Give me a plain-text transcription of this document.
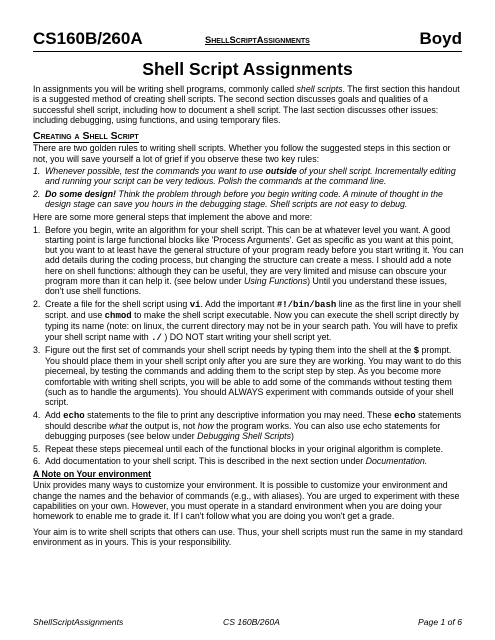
CS160B/260A	ShellScriptAssignments	Boyd
Shell Script Assignments

In assignments you will be writing shell programs, commonly called shell scripts. The first section this handout is a suggested method of creating shell scripts. The second section discusses goals and qualities of a successful shell script, including how to document a shell script. The last section discusses other issues: including debugging, using functions, and using temporary files.

Creating a Shell Script

There are two golden rules to writing shell scripts. Whether you follow the suggested steps in this section or not, you will save yourself a lot of grief if you observe these two key rules:

1. Whenever possible, test the commands you want to use outside of your shell script. Incrementally editing and running your script can be very tedious. Polish the commands at the command line.
2. Do some design! Think the problem through before you begin writing code. A minute of thought in the design stage can save you hours in the debugging stage. Shell scripts are not easy to debug.

Here are some more general steps that implement the above and more:

1. Before you begin, write an algorithm for your shell script. This can be at whatever level you want. A good starting point is large functional blocks like 'Process Arguments'. Get as specific as you want at this point, but you want to at least have the general structure of your program ready before you start writing it. You can add details during the coding process, but changing the structure can create a mess. I should add a note here on shell functions: although they can be useful, they are very limited and misuse can obscure your program more than it can help it. (see below under Using Functions) Until you understand these issues, don't use shell functions.
2. Create a file for the shell script using vi. Add the important #!/bin/bash line as the first line in your shell script. and use chmod to make the shell script executable. Now you can execute the shell script directly by typing its name (note: on linux, the current directory may not be in your search path. You will have to prefix your shell script name with ./ ) DO NOT start writing your shell script yet.
3. Figure out the first set of commands your shell script needs by typing them into the shell at the $ prompt. You should place them in your shell script only after you are sure they are working. You may want to do this piecemeal, by testing the commands and adding them to the script step by step. As you become more comfortable with writing shell scripts, you will be able to add some of the commands without testing them (such as to handle the arguments). You should ALWAYS experiment with commands outside of your shell script.
4. Add echo statements to the file to print any descriptive information you may need. These echo statements should describe what the output is, not how the program works. You can also use echo statements for debugging purposes (see below under Debugging Shell Scripts)
5. Repeat these steps piecemeal until each of the functional blocks in your original algorithm is complete.
6. Add documentation to your shell script. This is described in the next section under Documentation.
A Note on Your environment

Unix provides many ways to customize your environment. It is possible to customize your environment and change the names and the behavior of commands (e.g., with aliases). You are urged to experiment with these capabilities on your own. However, you must operate in a standard environment when you are doing your homework to enable me to grade it. If I can't follow what you are doing you won't get a grade.

Your aim is to write shell scripts that others can use. Thus, your shell scripts must run the same in my standard environment as in yours. This is your responsibility.

ShellScriptAssignments	CS 160B/260A	Page 1 of 6
